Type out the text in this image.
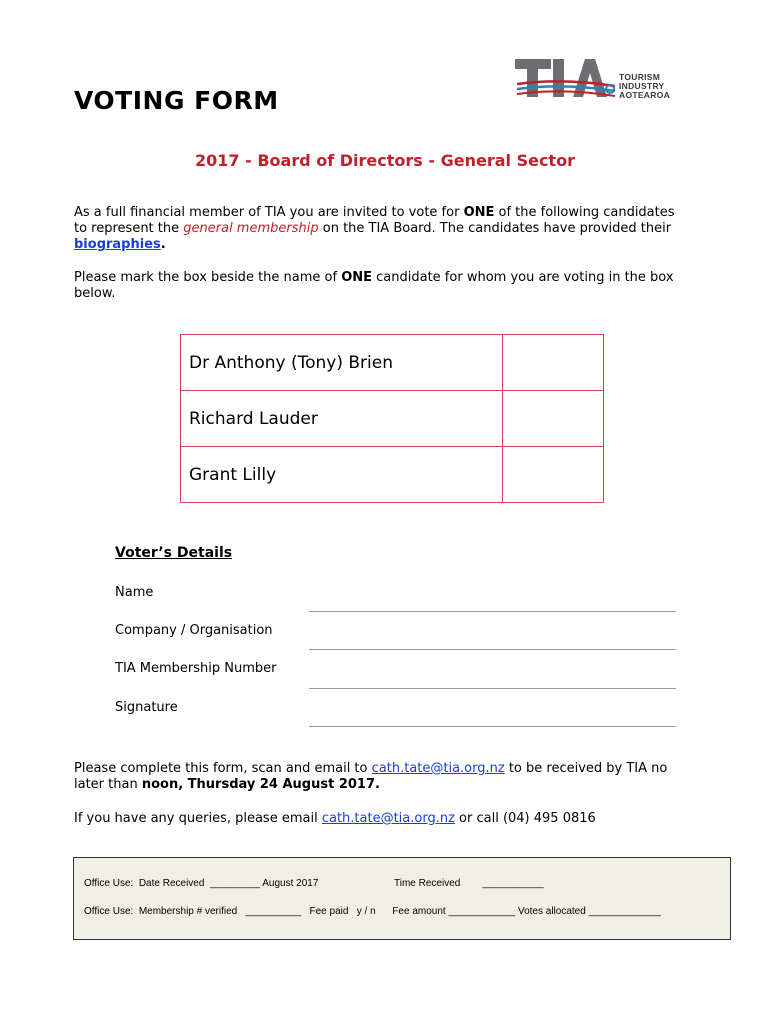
TOURISM
INDUSTRY
AOTEAROA
VOTING FORM
2017 - Board of Directors - General Sector
As a full financial member of TIA you are invited to vote for ONE of the following candidates to represent the general membership on the TIA Board. The candidates have provided their biographies.
Please mark the box beside the name of ONE candidate for whom you are voting in the box below.
Dr Anthony (Tony) Brien	
Richard Lauder	
Grant Lilly	
Voter’s Details
Name
Company / Organisation
TIA Membership Number
Signature
Please complete this form, scan and email to cath.tate@tia.org.nz to be received by TIA no later than noon, Thursday 24 August 2017.
If you have any queries, please email cath.tate@tia.org.nz or call (04) 495 0816
Office Use:  Date Received  _________ August 2017	Time Received        ___________
Office Use:  Membership # verified   __________   Fee paid   y / n      Fee amount ____________ Votes allocated _____________
